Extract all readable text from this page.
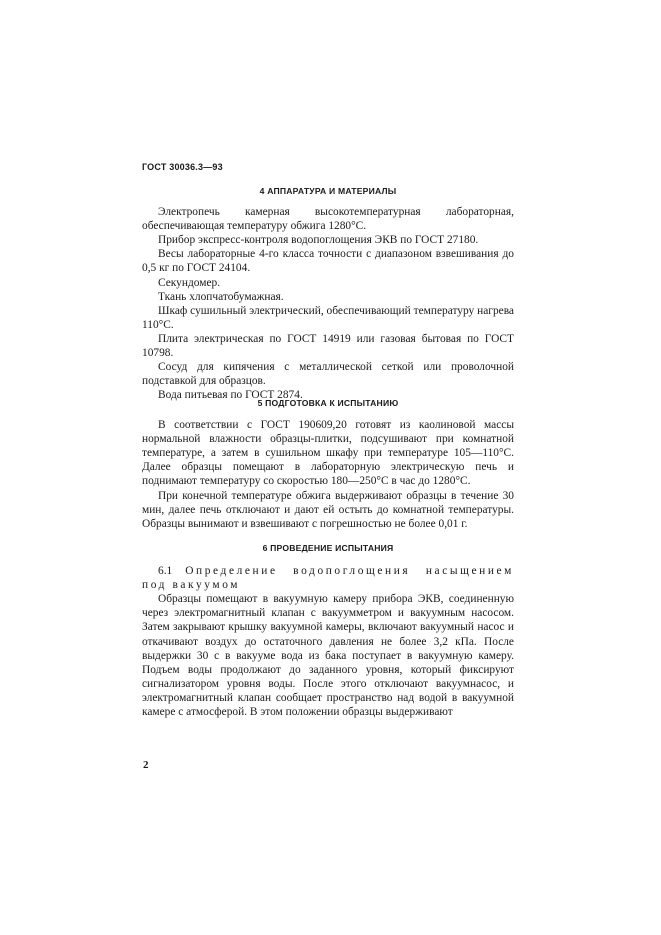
ГОСТ 30036.3—93
4 АППАРАТУРА И МАТЕРИАЛЫ

Электропечь камерная высокотемпературная лабораторная, обеспечивающая температуру обжига 1280°С.

Прибор экспресс-контроля водопоглощения ЭКВ по ГОСТ 27180.

Весы лабораторные 4-го класса точности с диапазоном взвешивания до 0,5 кг по ГОСТ 24104.

Секундомер.

Ткань хлопчатобумажная.

Шкаф сушильный электрический, обеспечивающий температуру нагрева 110°С.

Плита электрическая по ГОСТ 14919 или газовая бытовая по ГОСТ 10798.

Сосуд для кипячения с металлической сеткой или проволочной подставкой для образцов.

Вода питьевая по ГОСТ 2874.

5 ПОДГОТОВКА К ИСПЫТАНИЮ

В соответствии с ГОСТ 190609,20 готовят из каолиновой массы нормальной влажности образцы-плитки, подсушивают при комнатной температуре, а затем в сушильном шкафу при температуре 105—110°С. Далее образцы помещают в лабораторную электрическую печь и поднимают температуру со скоростью 180—250°С в час до 1280°С.

При конечной температуре обжига выдерживают образцы в течение 30 мин, далее печь отключают и дают ей остыть до комнатной температуры. Образцы вынимают и взвешивают с погрешностью не более 0,01 г.

6 ПРОВЕДЕНИЕ ИСПЫТАНИЯ

6.1 Определение водопоглощения насыщением под вакуумом

Образцы помещают в вакуумную камеру прибора ЭКВ, соединенную через электромагнитный клапан с вакуумметром и вакуумным насосом. Затем закрывают крышку вакуумной камеры, включают вакуумный насос и откачивают воздух до остаточного давления не более 3,2 кПа. После выдержки 30 с в вакууме вода из бака поступает в вакуумную камеру. Подъем воды продолжают до заданного уровня, который фиксируют сигнализатором уровня воды. После этого отключают вакуумнасос, и электромагнитный клапан сообщает пространство над водой в вакуумной камере с атмосферой. В этом положении образцы выдерживают

2
